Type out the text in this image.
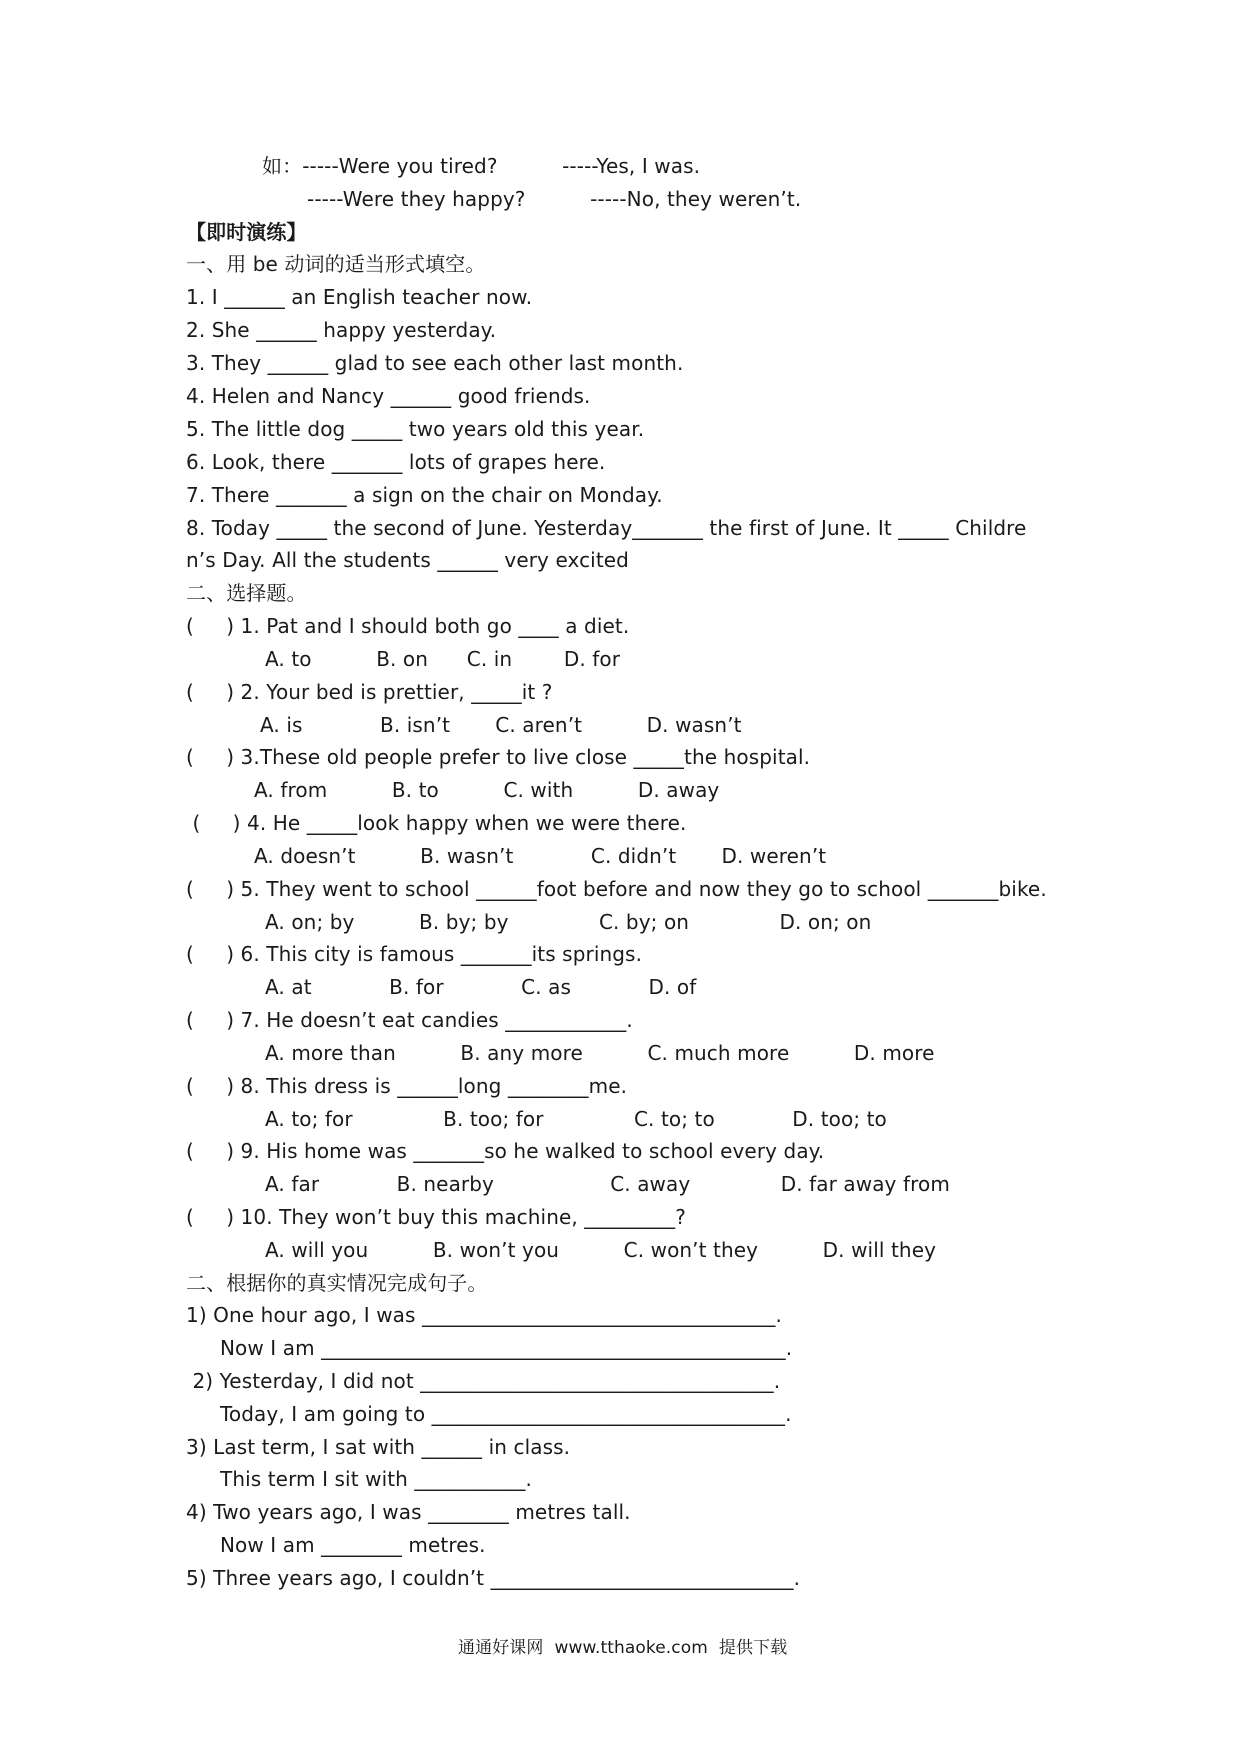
如：-----Were you tired?          -----Yes, I was.
-----Were they happy?          -----No, they weren’t.
【即时演练】
一、用 be 动词的适当形式填空。
1. I ______ an English teacher now.
2. She ______ happy yesterday.
3. They ______ glad to see each other last month.
4. Helen and Nancy ______ good friends.
5. The little dog _____ two years old this year.
6. Look, there _______ lots of grapes here.
7. There _______ a sign on the chair on Monday.
8. Today _____ the second of June. Yesterday_______ the first of June. It _____ Childre
n’s Day. All the students ______ very excited
二、选择题。
(     ) 1. Pat and I should both go ____ a diet.
A. to          B. on      C. in        D. for
(     ) 2. Your bed is prettier, _____it ?
A. is            B. isn’t       C. aren’t          D. wasn’t
(     ) 3.These old people prefer to live close _____the hospital.
A. from          B. to          C. with          D. away
(     ) 4. He _____look happy when we were there.
A. doesn’t          B. wasn’t            C. didn’t       D. weren’t
(     ) 5. They went to school ______foot before and now they go to school _______bike.
A. on; by          B. by; by              C. by; on              D. on; on
(     ) 6. This city is famous _______its springs.
A. at            B. for            C. as            D. of
(     ) 7. He doesn’t eat candies ____________.
A. more than          B. any more          C. much more          D. more
(     ) 8. This dress is ______long ________me.
A. to; for              B. too; for              C. to; to            D. too; to
(     ) 9. His home was _______so he walked to school every day.
A. far            B. nearby                  C. away              D. far away from
(     ) 10. They won’t buy this machine, _________?
A. will you          B. won’t you          C. won’t they          D. will they
二、根据你的真实情况完成句子。
1) One hour ago, I was ___________________________________.
Now I am ______________________________________________.
2) Yesterday, I did not ___________________________________.
Today, I am going to ___________________________________.
3) Last term, I sat with ______ in class.
This term I sit with ___________.
4) Two years ago, I was ________ metres tall.
Now I am ________ metres.
5) Three years ago, I couldn’t ______________________________.
通通好课网  www.tthaoke.com  提供下载
